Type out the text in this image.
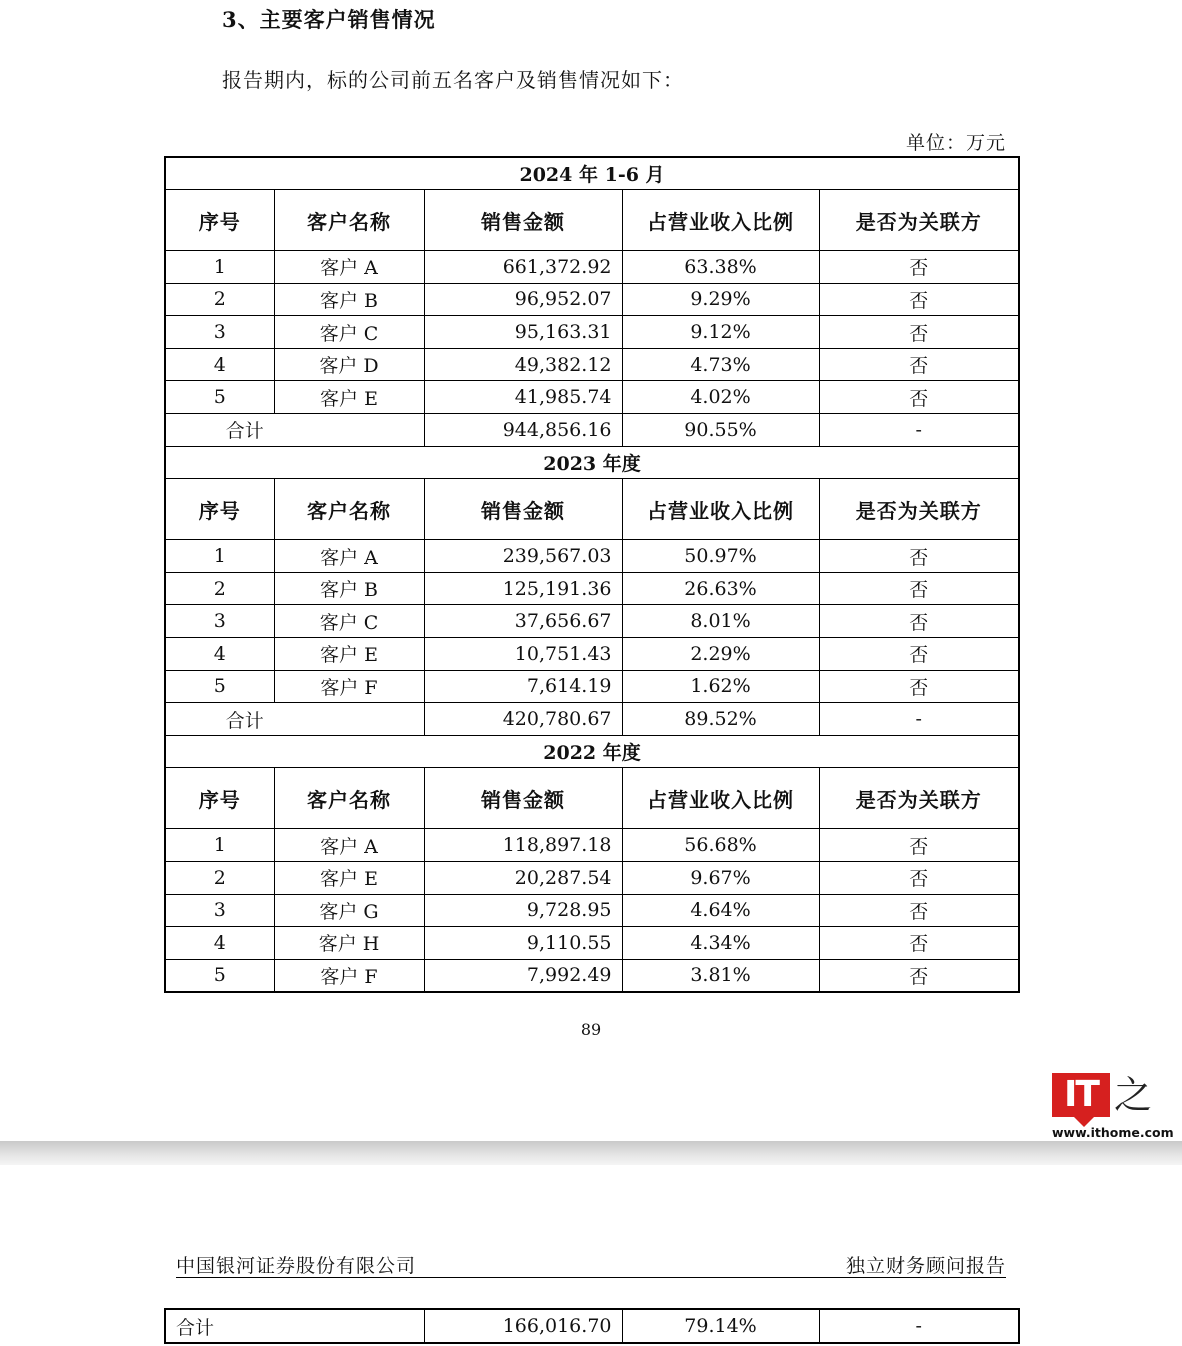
3、主要客户销售情况
报告期内，标的公司前五名客户及销售情况如下：
单位：万元
2024 年 1-6 月				
序号	客户名称	销售金额	占营业收入比例	是否为关联方
1	客户 A	661,372.92	63.38%	否
2	客户 B	96,952.07	9.29%	否
3	客户 C	95,163.31	9.12%	否
4	客户 D	49,382.12	4.73%	否
5	客户 E	41,985.74	4.02%	否
合计		944,856.16	90.55%	-
2023 年度				
序号	客户名称	销售金额	占营业收入比例	是否为关联方
1	客户 A	239,567.03	50.97%	否
2	客户 B	125,191.36	26.63%	否
3	客户 C	37,656.67	8.01%	否
4	客户 E	10,751.43	2.29%	否
5	客户 F	7,614.19	1.62%	否
合计		420,780.67	89.52%	-
2022 年度				
序号	客户名称	销售金额	占营业收入比例	是否为关联方
1	客户 A	118,897.18	56.68%	否
2	客户 E	20,287.54	9.67%	否
3	客户 G	9,728.95	4.64%	否
4	客户 H	9,110.55	4.34%	否
5	客户 F	7,992.49	3.81%	否
89
IT 之
www.ithome.com
中国银河证券股份有限公司	独立财务顾问报告
合计	166,016.70	79.14%	-
